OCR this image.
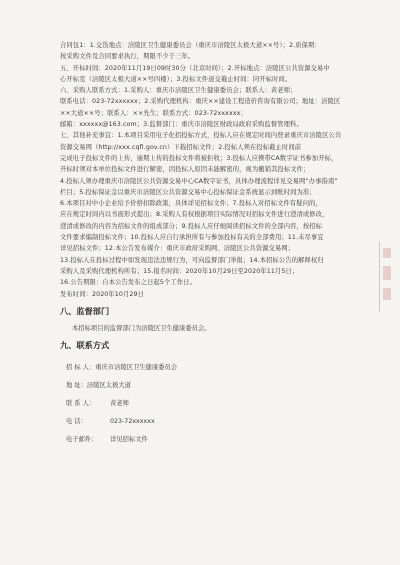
合同包1：1.交货地点：涪陵区卫生健康委员会（重庆市涪陵区太极大道××号）；2.质保期：
按采购文件及合同要求执行，期限不少于三年。
五、开标时间：2020年11月19日09时30分（北京时间）；2.开标地点：涪陵区公共资源交易中
心开标室（涪陵区太极大道××号四楼）；3.投标文件递交截止时间：同开标时间。
六、采购人联系方式：1.采购人：重庆市涪陵区卫生健康委员会；联系人：黄老师；
联系电话：023-72xxxxxx；2.采购代理机构：重庆××建设工程造价咨询有限公司；地址：涪陵区
××大道××号；联系人：××先生；联系方式：023-72xxxxxx；
邮箱：xxxxxx@163.com；3.监督部门：重庆市涪陵区财政局政府采购监督管理科。
七、其他补充事宜：1.本项目采用电子化招投标方式，投标人应在规定时间内登录重庆市涪陵区公共
资源交易网（http://xxx.cqfl.gov.cn）下载招标文件；2.投标人须在投标截止时间前
完成电子投标文件的上传，逾期上传的投标文件将被拒收；3.投标人应携带CA数字证书参加开标，
开标时须对本单位投标文件进行解密，因投标人原因未能解密的，视为撤销其投标文件；
4.投标人须办理重庆市涪陵区公共资源交易中心CA数字证书，具体办理流程详见交易网“办事指南”
栏目；5.投标保证金以重庆市涪陵区公共资源交易中心投标保证金系统显示到账时间为准；
6.本项目对中小企业给予价格扣除政策，具体详见招标文件；7.投标人对招标文件有疑问的，
应在规定时间内以书面形式提出；8.采购人有权根据项目实际情况对招标文件进行澄清或修改，
澄清或修改的内容为招标文件的组成部分；9.投标人应仔细阅读招标文件的全部内容，按招标
文件要求编制投标文件；10.投标人应自行承担所有与参加投标有关的全部费用；11.未尽事宜
详见招标文件；12.本公告发布媒介：重庆市政府采购网、涪陵区公共资源交易网；
13.投标人在投标过程中如发现违法违规行为，可向监督部门举报；14.本招标公告的解释权归
采购人及采购代理机构所有；15.报名时间：2020年10月29日至2020年11月5日；
16.公告期限：自本公告发布之日起5个工作日。
发布时间：2020年10月29日
八、监督部门
本招标项目的监督部门为涪陵区卫生健康委员会。
九、联系方式
招 标 人：重庆市涪陵区卫生健康委员会
地 址：涪陵区太极大道
联 系 人： 黄老师
电 话：	023-72xxxxxx
电子邮件： 详见招标文件
